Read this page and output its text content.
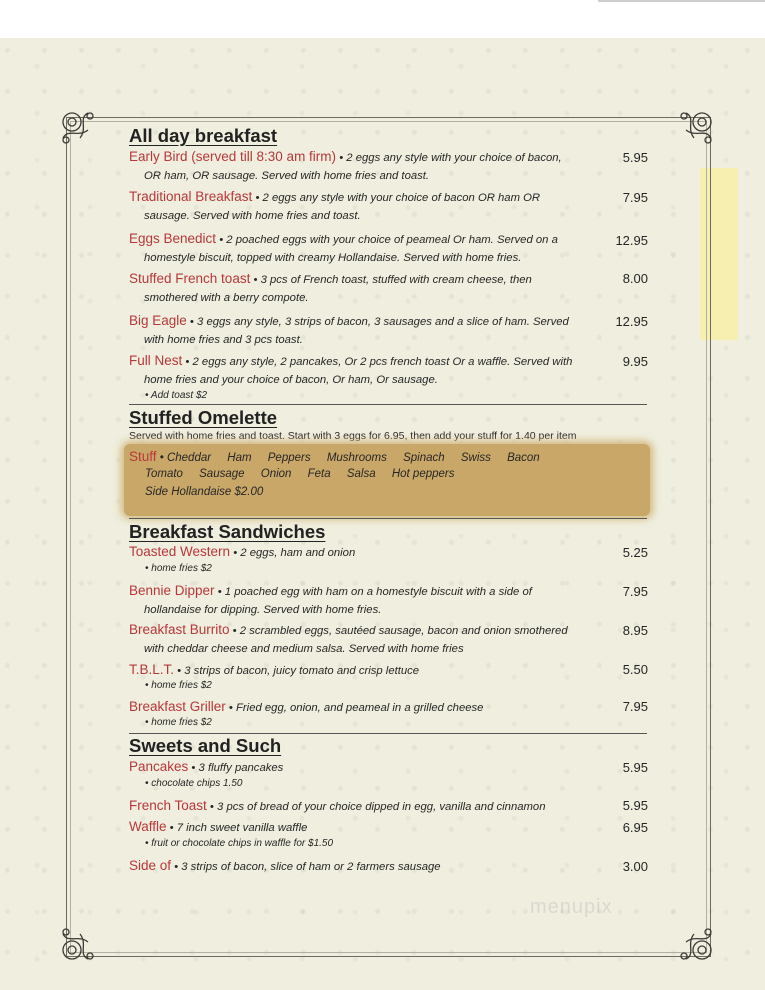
All day breakfast
Early Bird (served till 8:30 am firm) • 2 eggs any style with your choice of bacon,
OR ham, OR sausage. Served with home fries and toast.
5.95
Traditional Breakfast • 2 eggs any style with your choice of bacon OR ham OR
sausage. Served with home fries and toast.
7.95
Eggs Benedict • 2 poached eggs with your choice of peameal Or ham. Served on a
homestyle biscuit, topped with creamy Hollandaise. Served with home fries.
12.95
Stuffed French toast • 3 pcs of French toast, stuffed with cream cheese, then
smothered with a berry compote.
8.00
Big Eagle • 3 eggs any style, 3 strips of bacon, 3 sausages and a slice of ham. Served
with home fries and 3 pcs toast.
12.95
Full Nest • 2 eggs any style, 2 pancakes, Or 2 pcs french toast Or a waffle. Served with
home fries and your choice of bacon, Or ham, Or sausage.
9.95
• Add toast $2
Stuffed Omelette
Served with home fries and toast. Start with 3 eggs for 6.95, then add your stuff for 1.40 per item
Stuff • Cheddar Ham Peppers Mushrooms Spinach Swiss Bacon
Tomato Sausage Onion Feta Salsa Hot peppers
Side Hollandaise $2.00
Breakfast Sandwiches
Toasted Western • 2 eggs, ham and onion	5.25
• home fries $2
Bennie Dipper • 1 poached egg with ham on a homestyle biscuit with a side of
hollandaise for dipping. Served with home fries.
7.95
Breakfast Burrito • 2 scrambled eggs, sautéed sausage, bacon and onion smothered
with cheddar cheese and medium salsa. Served with home fries
8.95
T.B.L.T. • 3 strips of bacon, juicy tomato and crisp lettuce	5.50
• home fries $2
Breakfast Griller • Fried egg, onion, and peameal in a grilled cheese	7.95
• home fries $2
Sweets and Such
Pancakes • 3 fluffy pancakes	5.95
• chocolate chips 1.50
French Toast • 3 pcs of bread of your choice dipped in egg, vanilla and cinnamon	5.95
Waffle • 7 inch sweet vanilla waffle	6.95
• fruit or chocolate chips in waffle for $1.50
Side of • 3 strips of bacon, slice of ham or 2 farmers sausage	3.00
menupix
